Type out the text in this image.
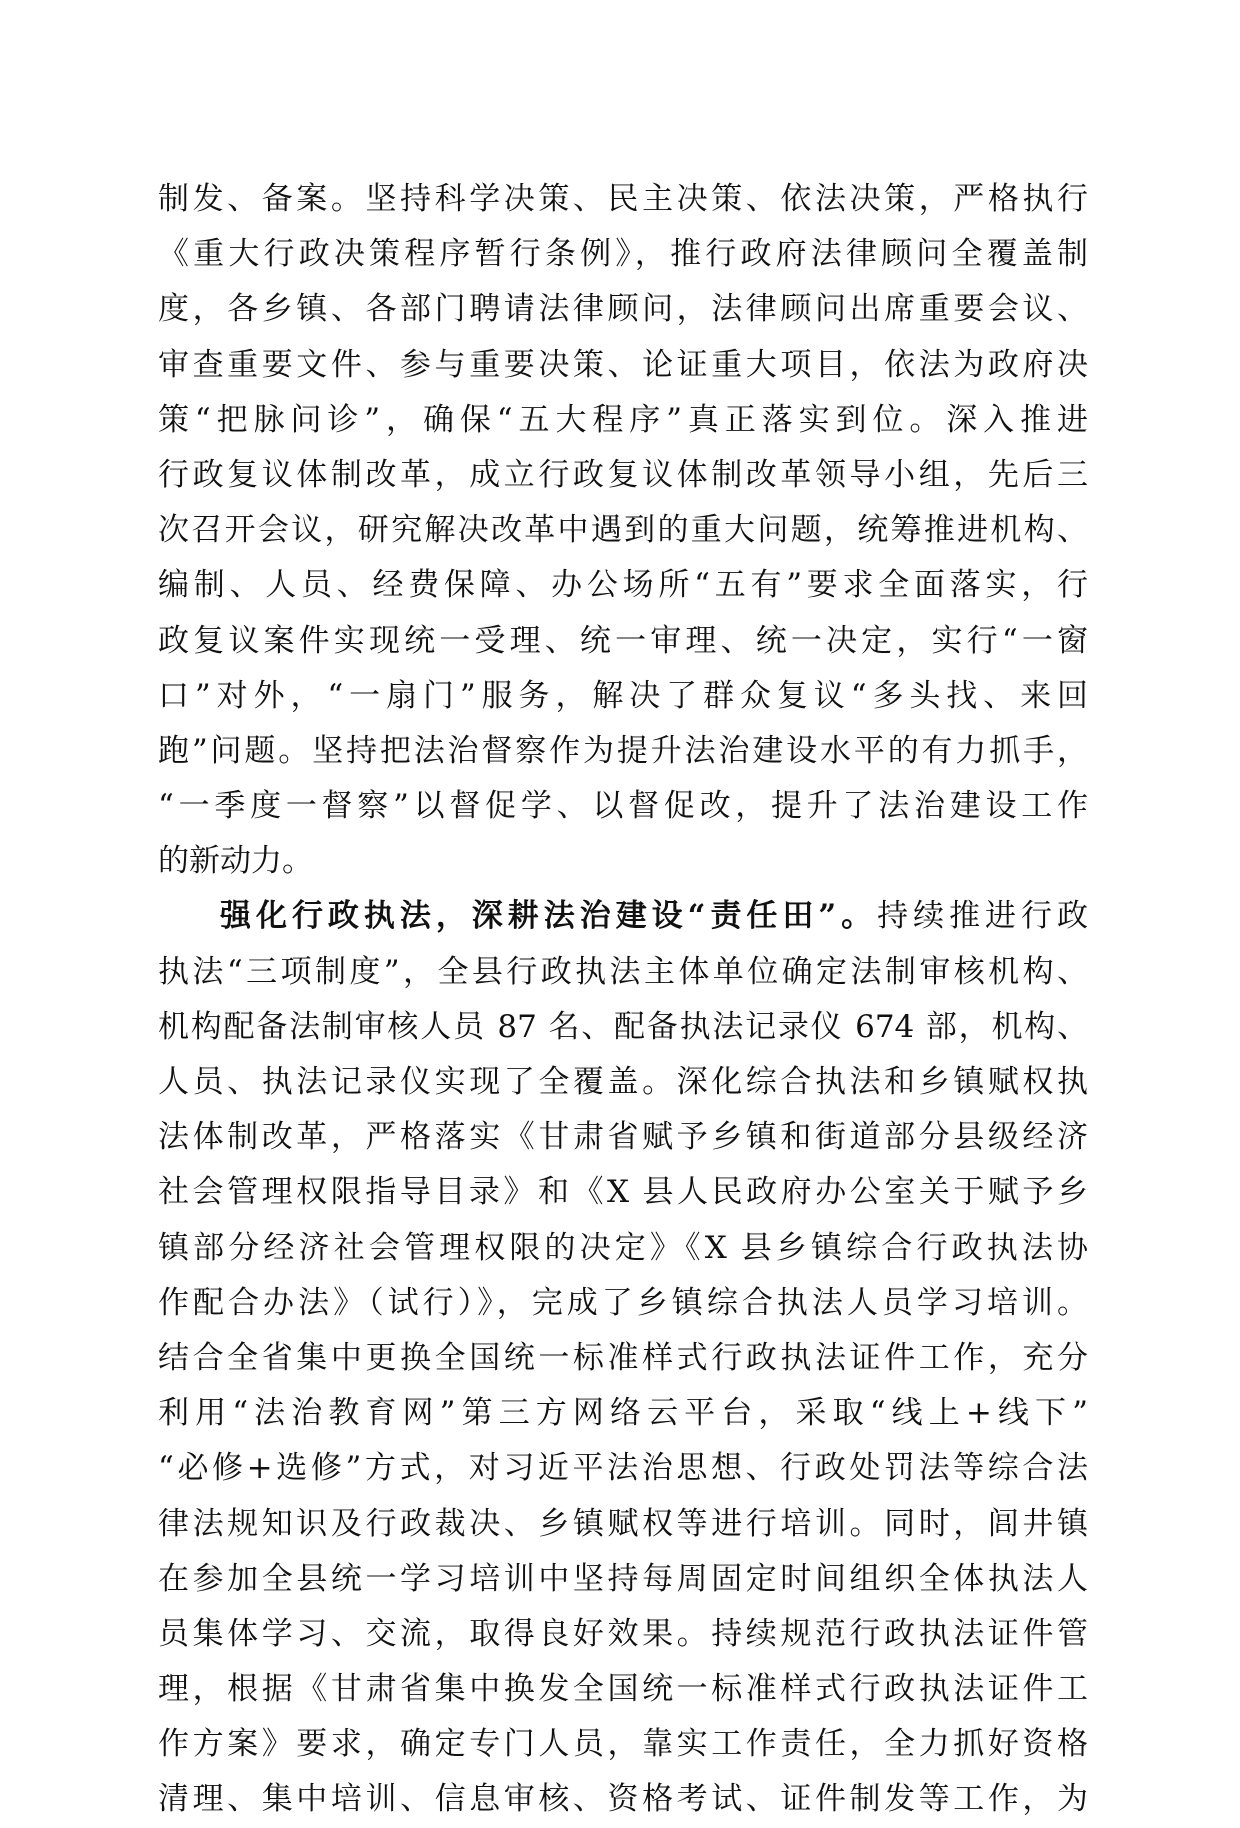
制发、备案。坚持科学决策、民主决策、依法决策，严格执行
《重大行政决策程序暂行条例》，推行政府法律顾问全覆盖制
度，各乡镇、各部门聘请法律顾问，法律顾问出席重要会议、
审查重要文件、参与重要决策、论证重大项目，依法为政府决
策“把脉问诊”，确保“五大程序”真正落实到位。深入推进
行政复议体制改革，成立行政复议体制改革领导小组，先后三
次召开会议，研究解决改革中遇到的重大问题，统筹推进机构、
编制、人员、经费保障、办公场所“五有”要求全面落实，行
政复议案件实现统一受理、统一审理、统一决定，实行“一窗
口”对外，“一扇门”服务，解决了群众复议“多头找、来回
跑”问题。坚持把法治督察作为提升法治建设水平的有力抓手，
“一季度一督察”以督促学、以督促改，提升了法治建设工作
的新动力。
强化行政执法，深耕法治建设“责任田”。持续推进行政
执法“三项制度”，全县行政执法主体单位确定法制审核机构、
机构配备法制审核人员 87 名、配备执法记录仪 674 部，机构、
人员、执法记录仪实现了全覆盖。深化综合执法和乡镇赋权执
法体制改革，严格落实《甘肃省赋予乡镇和街道部分县级经济
社会管理权限指导目录》和《X 县人民政府办公室关于赋予乡
镇部分经济社会管理权限的决定》《X 县乡镇综合行政执法协
作配合办法》（试行）》，完成了乡镇综合执法人员学习培训。
结合全省集中更换全国统一标准样式行政执法证件工作，充分
利用“法治教育网”第三方网络云平台，采取“线上+线下”
“必修+选修”方式，对习近平法治思想、行政处罚法等综合法
律法规知识及行政裁决、乡镇赋权等进行培训。同时，闾井镇
在参加全县统一学习培训中坚持每周固定时间组织全体执法人
员集体学习、交流，取得良好效果。持续规范行政执法证件管
理，根据《甘肃省集中换发全国统一标准样式行政执法证件工
作方案》要求，确定专门人员，靠实工作责任，全力抓好资格
清理、集中培训、信息审核、资格考试、证件制发等工作，为
